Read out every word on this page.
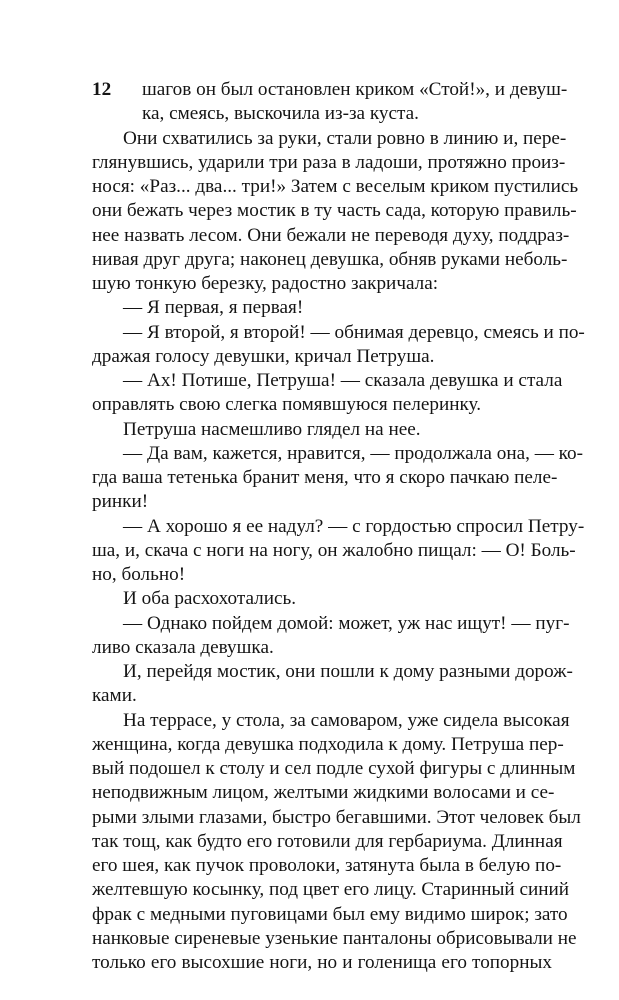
12	шагов он был остановлен криком «Стой!», и девуш-
ка, смеясь, выскочила из-за куста.
Они схватились за руки, стали ровно в линию и, пере-
глянувшись, ударили три раза в ладоши, протяжно произ-
нося: «Раз... два... три!» Затем с веселым криком пустились
они бежать через мостик в ту часть сада, которую правиль-
нее назвать лесом. Они бежали не переводя духу, поддраз-
нивая друг друга; наконец девушка, обняв руками неболь-
шую тонкую березку, радостно закричала:
— Я первая, я первая!
— Я второй, я второй! — обнимая деревцо, смеясь и по-
дражая голосу девушки, кричал Петруша.
— Ах! Потише, Петруша! — сказала девушка и стала
оправлять свою слегка помявшуюся пелеринку.
Петруша насмешливо глядел на нее.
— Да вам, кажется, нравится, — продолжала она, — ко-
гда ваша тетенька бранит меня, что я скоро пачкаю пеле-
ринки!
— А хорошо я ее надул? — с гордостью спросил Петру-
ша, и, скача с ноги на ногу, он жалобно пищал: — О! Боль-
но, больно!
И оба расхохотались.
— Однако пойдем домой: может, уж нас ищут! — пуг-
ливо сказала девушка.
И, перейдя мостик, они пошли к дому разными дорож-
ками.
На террасе, у стола, за самоваром, уже сидела высокая
женщина, когда девушка подходила к дому. Петруша пер-
вый подошел к столу и сел подле сухой фигуры с длинным
неподвижным лицом, желтыми жидкими волосами и се-
рыми злыми глазами, быстро бегавшими. Этот человек был
так тощ, как будто его готовили для гербариума. Длинная
его шея, как пучок проволоки, затянута была в белую по-
желтевшую косынку, под цвет его лицу. Старинный синий
фрак с медными пуговицами был ему видимо широк; зато
нанковые сиреневые узенькие панталоны обрисовывали не
только его высохшие ноги, но и голенища его топорных
